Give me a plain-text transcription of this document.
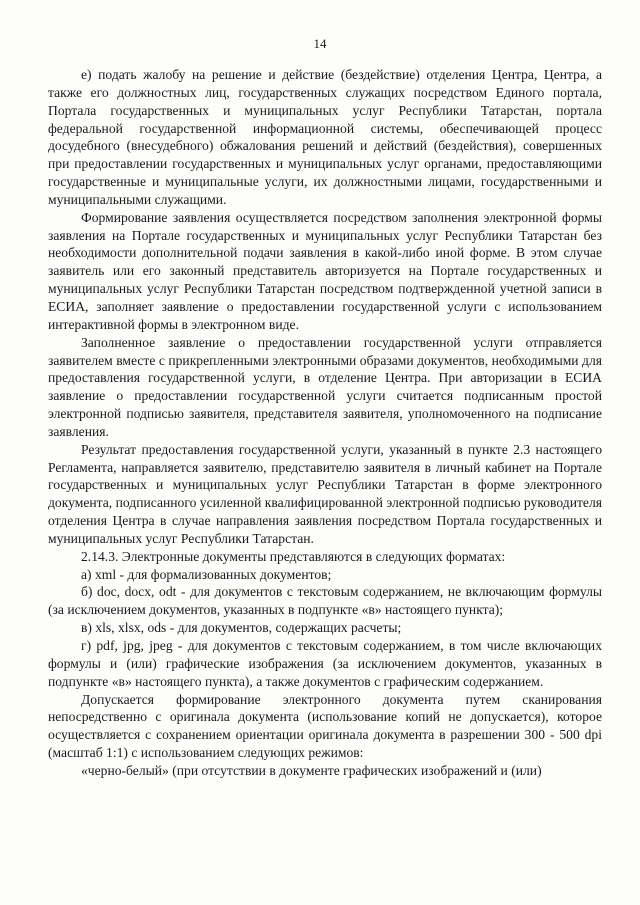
14

е) подать жалобу на решение и действие (бездействие) отделения Центра, Центра, а также его должностных лиц, государственных служащих посредством Единого портала, Портала государственных и муниципальных услуг Республики Татарстан, портала федеральной государственной информационной системы, обеспечивающей процесс досудебного (внесудебного) обжалования решений и действий (бездействия), совершенных при предоставлении государственных и муниципальных услуг органами, предоставляющими государственные и муниципальные услуги, их должностными лицами, государственными и муниципальными служащими.

Формирование заявления осуществляется посредством заполнения электронной формы заявления на Портале государственных и муниципальных услуг Республики Татарстан без необходимости дополнительной подачи заявления в какой-либо иной форме. В этом случае заявитель или его законный представитель авторизуется на Портале государственных и муниципальных услуг Республики Татарстан посредством подтвержденной учетной записи в ЕСИА, заполняет заявление о предоставлении государственной услуги с использованием интерактивной формы в электронном виде.

Заполненное заявление о предоставлении государственной услуги отправляется заявителем вместе с прикрепленными электронными образами документов, необходимыми для предоставления государственной услуги, в отделение Центра. При авторизации в ЕСИА заявление о предоставлении государственной услуги считается подписанным простой электронной подписью заявителя, представителя заявителя, уполномоченного на подписание заявления.

Результат предоставления государственной услуги, указанный в пункте 2.3 настоящего Регламента, направляется заявителю, представителю заявителя в личный кабинет на Портале государственных и муниципальных услуг Республики Татарстан в форме электронного документа, подписанного усиленной квалифицированной электронной подписью руководителя отделения Центра в случае направления заявления посредством Портала государственных и муниципальных услуг Республики Татарстан.

2.14.3. Электронные документы представляются в следующих форматах:

а) xml - для формализованных документов;

б) doc, docx, odt - для документов с текстовым содержанием, не включающим формулы (за исключением документов, указанных в подпункте «в» настоящего пункта);

в) xls, xlsx, ods - для документов, содержащих расчеты;

г) pdf, jpg, jpeg - для документов с текстовым содержанием, в том числе включающих формулы и (или) графические изображения (за исключением документов, указанных в подпункте «в» настоящего пункта), а также документов с графическим содержанием.

Допускается формирование электронного документа путем сканирования непосредственно с оригинала документа (использование копий не допускается), которое осуществляется с сохранением ориентации оригинала документа в разрешении 300 - 500 dpi (масштаб 1:1) с использованием следующих режимов:

«черно-белый» (при отсутствии в документе графических изображений и (или)
